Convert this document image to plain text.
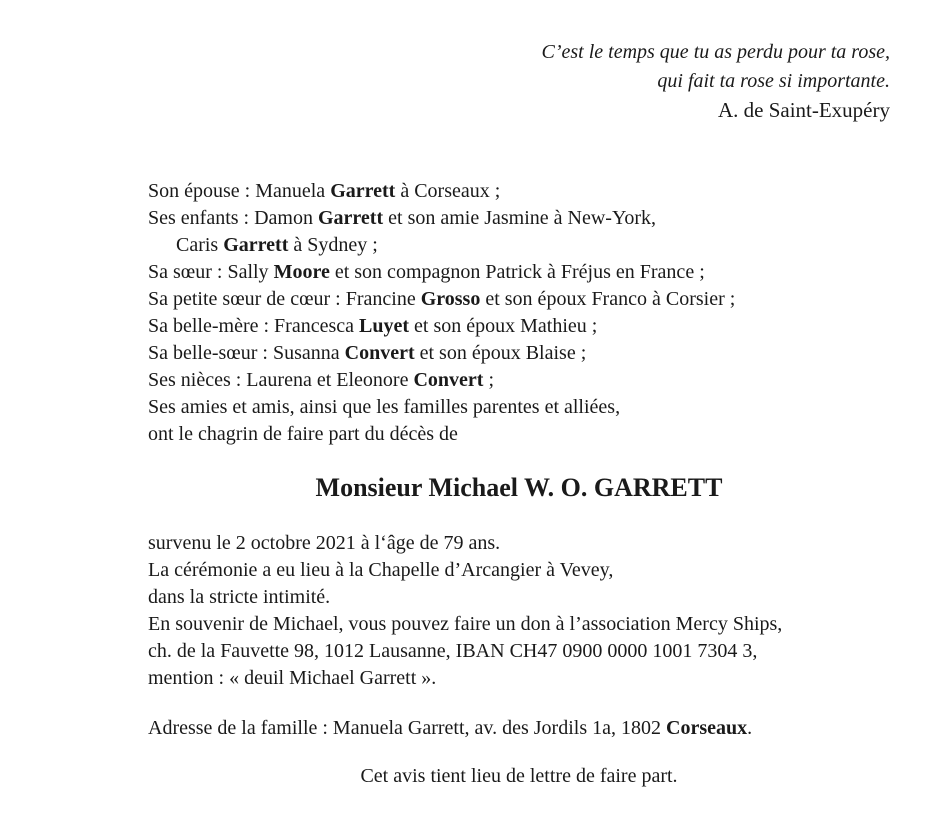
C’est le temps que tu as perdu pour ta rose,
qui fait ta rose si importante.
A. de Saint-Exupéry
Son épouse : Manuela Garrett à Corseaux ;
Ses enfants : Damon Garrett et son amie Jasmine à New-York,
Caris Garrett à Sydney ;
Sa sœur : Sally Moore et son compagnon Patrick à Fréjus en France ;
Sa petite sœur de cœur : Francine Grosso et son époux Franco à Corsier ;
Sa belle-mère : Francesca Luyet et son époux Mathieu ;
Sa belle-sœur : Susanna Convert et son époux Blaise ;
Ses nièces : Laurena et Eleonore Convert ;
Ses amies et amis, ainsi que les familles parentes et alliées,
ont le chagrin de faire part du décès de
Monsieur Michael W. O. GARRETT
survenu le 2 octobre 2021 à l‘âge de 79 ans.
La cérémonie a eu lieu à la Chapelle d’Arcangier à Vevey,
dans la stricte intimité.
En souvenir de Michael, vous pouvez faire un don à l’association Mercy Ships,
ch. de la Fauvette 98, 1012 Lausanne, IBAN CH47 0900 0000 1001 7304 3,
mention : « deuil Michael Garrett ».
Adresse de la famille : Manuela Garrett, av. des Jordils 1a, 1802 Corseaux.
Cet avis tient lieu de lettre de faire part.
